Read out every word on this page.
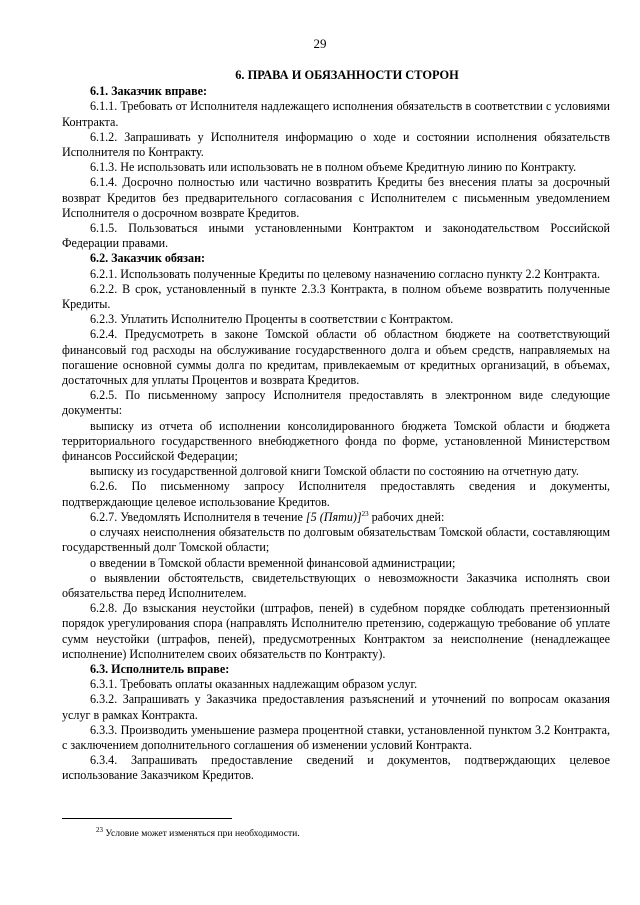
29
6. ПРАВА И ОБЯЗАННОСТИ СТОРОН
6.1. Заказчик вправе:

6.1.1. Требовать от Исполнителя надлежащего исполнения обязательств в соответствии с условиями Контракта.

6.1.2. Запрашивать у Исполнителя информацию о ходе и состоянии исполнения обязательств Исполнителя по Контракту.

6.1.3. Не использовать или использовать не в полном объеме Кредитную линию по Контракту.

6.1.4. Досрочно полностью или частично возвратить Кредиты без внесения платы за досрочный возврат Кредитов без предварительного согласования с Исполнителем с письменным уведомлением Исполнителя о досрочном возврате Кредитов.

6.1.5. Пользоваться иными установленными Контрактом и законодательством Российской Федерации правами.

6.2. Заказчик обязан:

6.2.1. Использовать полученные Кредиты по целевому назначению согласно пункту 2.2 Контракта.

6.2.2. В срок, установленный в пункте 2.3.3 Контракта, в полном объеме возвратить полученные Кредиты.

6.2.3. Уплатить Исполнителю Проценты в соответствии с Контрактом.

6.2.4. Предусмотреть в законе Томской области об областном бюджете на соответствующий финансовый год расходы на обслуживание государственного долга и объем средств, направляемых на погашение основной суммы долга по кредитам, привлекаемым от кредитных организаций, в объемах, достаточных для уплаты Процентов и возврата Кредитов.

6.2.5. По письменному запросу Исполнителя предоставлять в электронном виде следующие документы:

выписку из отчета об исполнении консолидированного бюджета Томской области и бюджета территориального государственного внебюджетного фонда по форме, установленной Министерством финансов Российской Федерации;

выписку из государственной долговой книги Томской области по состоянию на отчетную дату.

6.2.6. По письменному запросу Исполнителя предоставлять сведения и документы, подтверждающие целевое использование Кредитов.

6.2.7. Уведомлять Исполнителя в течение [5 (Пяти)]$^{23}$ рабочих дней:

о случаях неисполнения обязательств по долговым обязательствам Томской области, составляющим государственный долг Томской области;

о введении в Томской области временной финансовой администрации;

о выявлении обстоятельств, свидетельствующих о невозможности Заказчика исполнять свои обязательства перед Исполнителем.

6.2.8. До взыскания неустойки (штрафов, пеней) в судебном порядке соблюдать претензионный порядок урегулирования спора (направлять Исполнителю претензию, содержащую требование об уплате сумм неустойки (штрафов, пеней), предусмотренных Контрактом за неисполнение (ненадлежащее исполнение) Исполнителем своих обязательств по Контракту).

6.3. Исполнитель вправе:

6.3.1. Требовать оплаты оказанных надлежащим образом услуг.

6.3.2. Запрашивать у Заказчика предоставления разъяснений и уточнений по вопросам оказания услуг в рамках Контракта.

6.3.3. Производить уменьшение размера процентной ставки, установленной пунктом 3.2 Контракта, с заключением дополнительного соглашения об изменении условий Контракта.

6.3.4. Запрашивать предоставление сведений и документов, подтверждающих целевое использование Заказчиком Кредитов.

$^{23}$ Условие может изменяться при необходимости.
